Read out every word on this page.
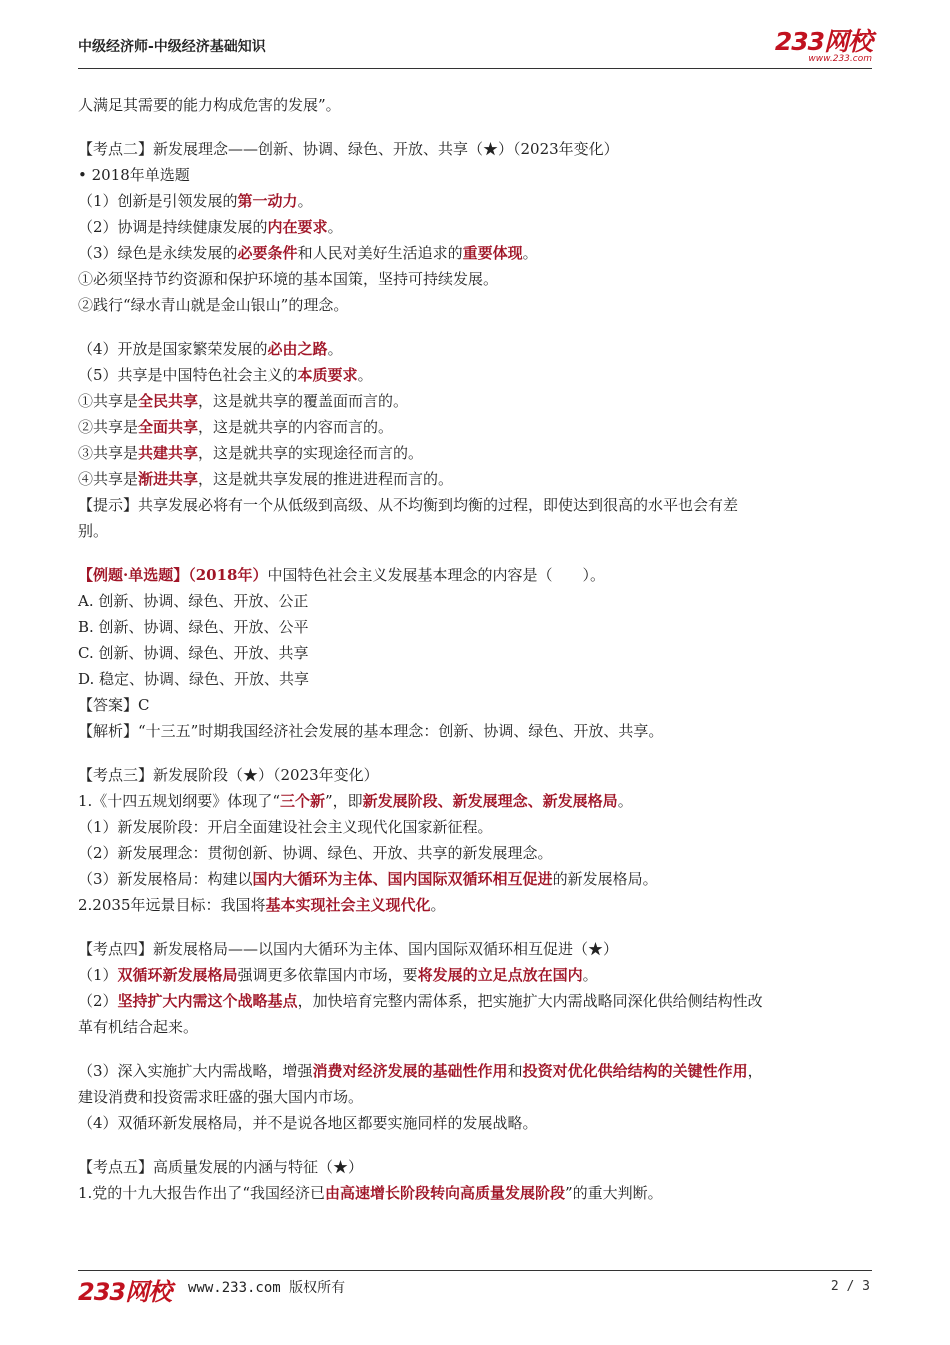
中级经济师-中级经济基础知识	233网校
www.233.com
人满足其需要的能力构成危害的发展”。
【考点二】新发展理念——创新、协调、绿色、开放、共享（★）（2023年变化）
• 2018年单选题
（1）创新是引领发展的第一动力。
（2）协调是持续健康发展的内在要求。
（3）绿色是永续发展的必要条件和人民对美好生活追求的重要体现。
①必须坚持节约资源和保护环境的基本国策，坚持可持续发展。
②践行“绿水青山就是金山银山”的理念。
（4）开放是国家繁荣发展的必由之路。
（5）共享是中国特色社会主义的本质要求。
①共享是全民共享，这是就共享的覆盖面而言的。
②共享是全面共享，这是就共享的内容而言的。
③共享是共建共享，这是就共享的实现途径而言的。
④共享是渐进共享，这是就共享发展的推进进程而言的。
【提示】共享发展必将有一个从低级到高级、从不均衡到均衡的过程，即使达到很高的水平也会有差
别。
【例题·单选题】（2018年）中国特色社会主义发展基本理念的内容是（　　）。
A. 创新、协调、绿色、开放、公正
B. 创新、协调、绿色、开放、公平
C. 创新、协调、绿色、开放、共享
D. 稳定、协调、绿色、开放、共享
【答案】C
【解析】“十三五”时期我国经济社会发展的基本理念：创新、协调、绿色、开放、共享。
【考点三】新发展阶段（★）（2023年变化）
1.《十四五规划纲要》体现了“三个新”，即新发展阶段、新发展理念、新发展格局。
（1）新发展阶段：开启全面建设社会主义现代化国家新征程。
（2）新发展理念：贯彻创新、协调、绿色、开放、共享的新发展理念。
（3）新发展格局：构建以国内大循环为主体、国内国际双循环相互促进的新发展格局。
2.2035年远景目标：我国将基本实现社会主义现代化。
【考点四】新发展格局——以国内大循环为主体、国内国际双循环相互促进（★）
（1）双循环新发展格局强调更多依靠国内市场，要将发展的立足点放在国内。
（2）坚持扩大内需这个战略基点，加快培育完整内需体系，把实施扩大内需战略同深化供给侧结构性改
革有机结合起来。
（3）深入实施扩大内需战略，增强消费对经济发展的基础性作用和投资对优化供给结构的关键性作用，
建设消费和投资需求旺盛的强大国内市场。
（4）双循环新发展格局，并不是说各地区都要实施同样的发展战略。
【考点五】高质量发展的内涵与特征（★）
1.党的十九大报告作出了“我国经济已由高速增长阶段转向高质量发展阶段”的重大判断。
233网校 www.233.com 版权所有	2 / 3
